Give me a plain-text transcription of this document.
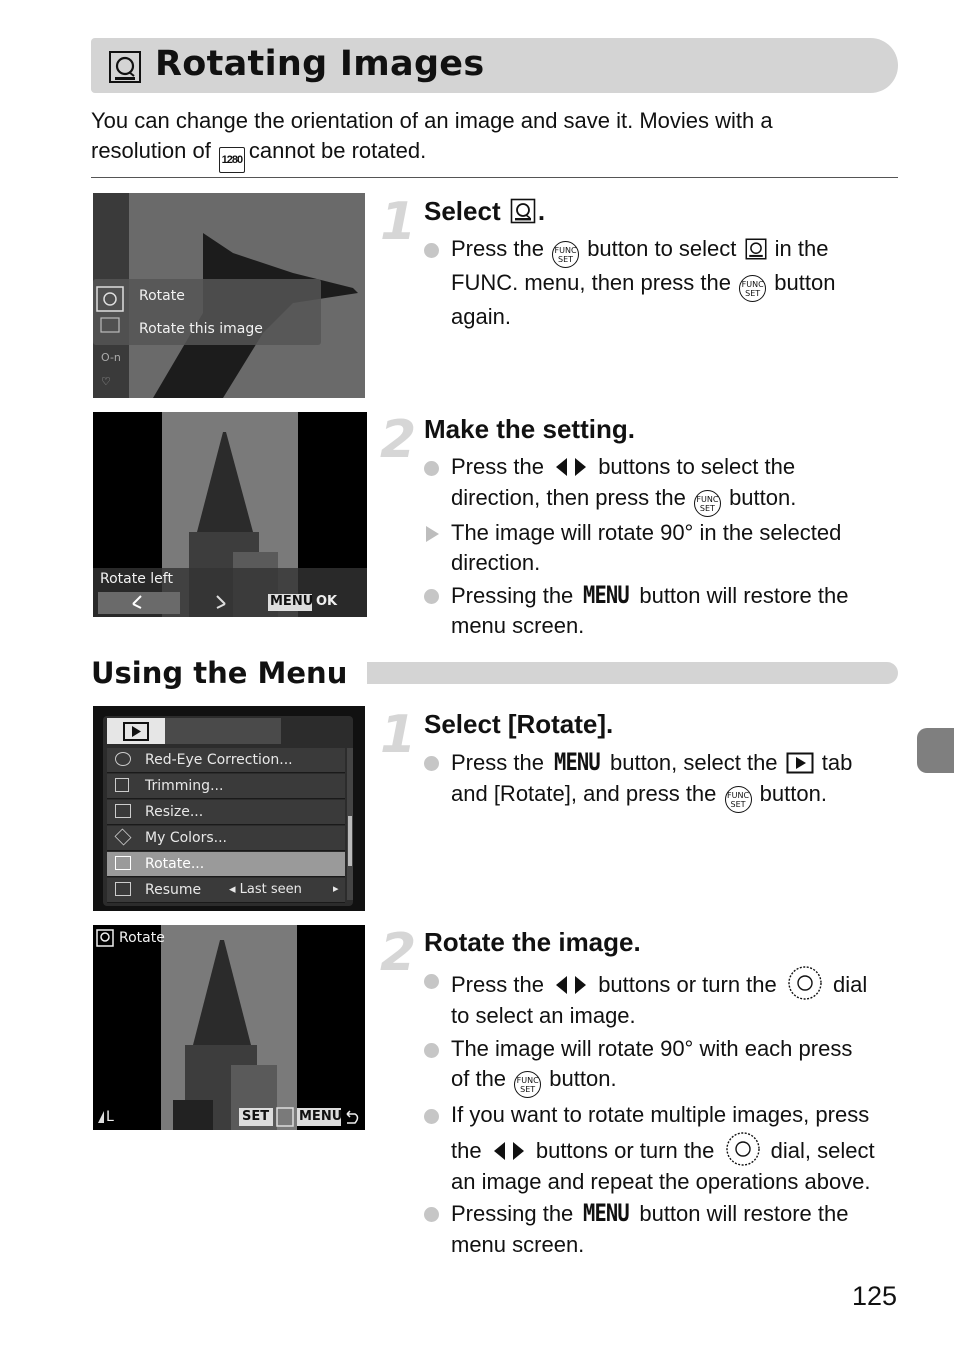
Rotating Images
You can change the orientation of an image and save it. Movies with a
resolution of 1280 cannot be rotated.
O-n
♡
Rotate
Rotate this image
1 Select .
Press the FUNC
SET button to select in the
FUNC. menu, then press the FUNC
SET button
again.
Rotate left
MENU OK
2 Make the setting.
Press the buttons to select the
direction, then press the FUNC
SET button.
The image will rotate 90° in the selected
direction.
Pressing the MENU button will restore the
menu screen.
Using the Menu
Red-Eye Correction...
Trimming...
Resize...
My Colors...
Rotate...
Resume ◂ Last seen	▸
1 Select [Rotate].
Press the MENU button, select the tab
and [Rotate], and press the FUNC
SET button.
Rotate
L	SET MENU
2 Rotate the image.
Press the buttons or turn the	dial
to select an image.
The image will rotate 90° with each press
of the FUNC
SET button.
If you want to rotate multiple images, press
the buttons or turn the	dial, select
an image and repeat the operations above.
Pressing the MENU button will restore the
menu screen.
125
